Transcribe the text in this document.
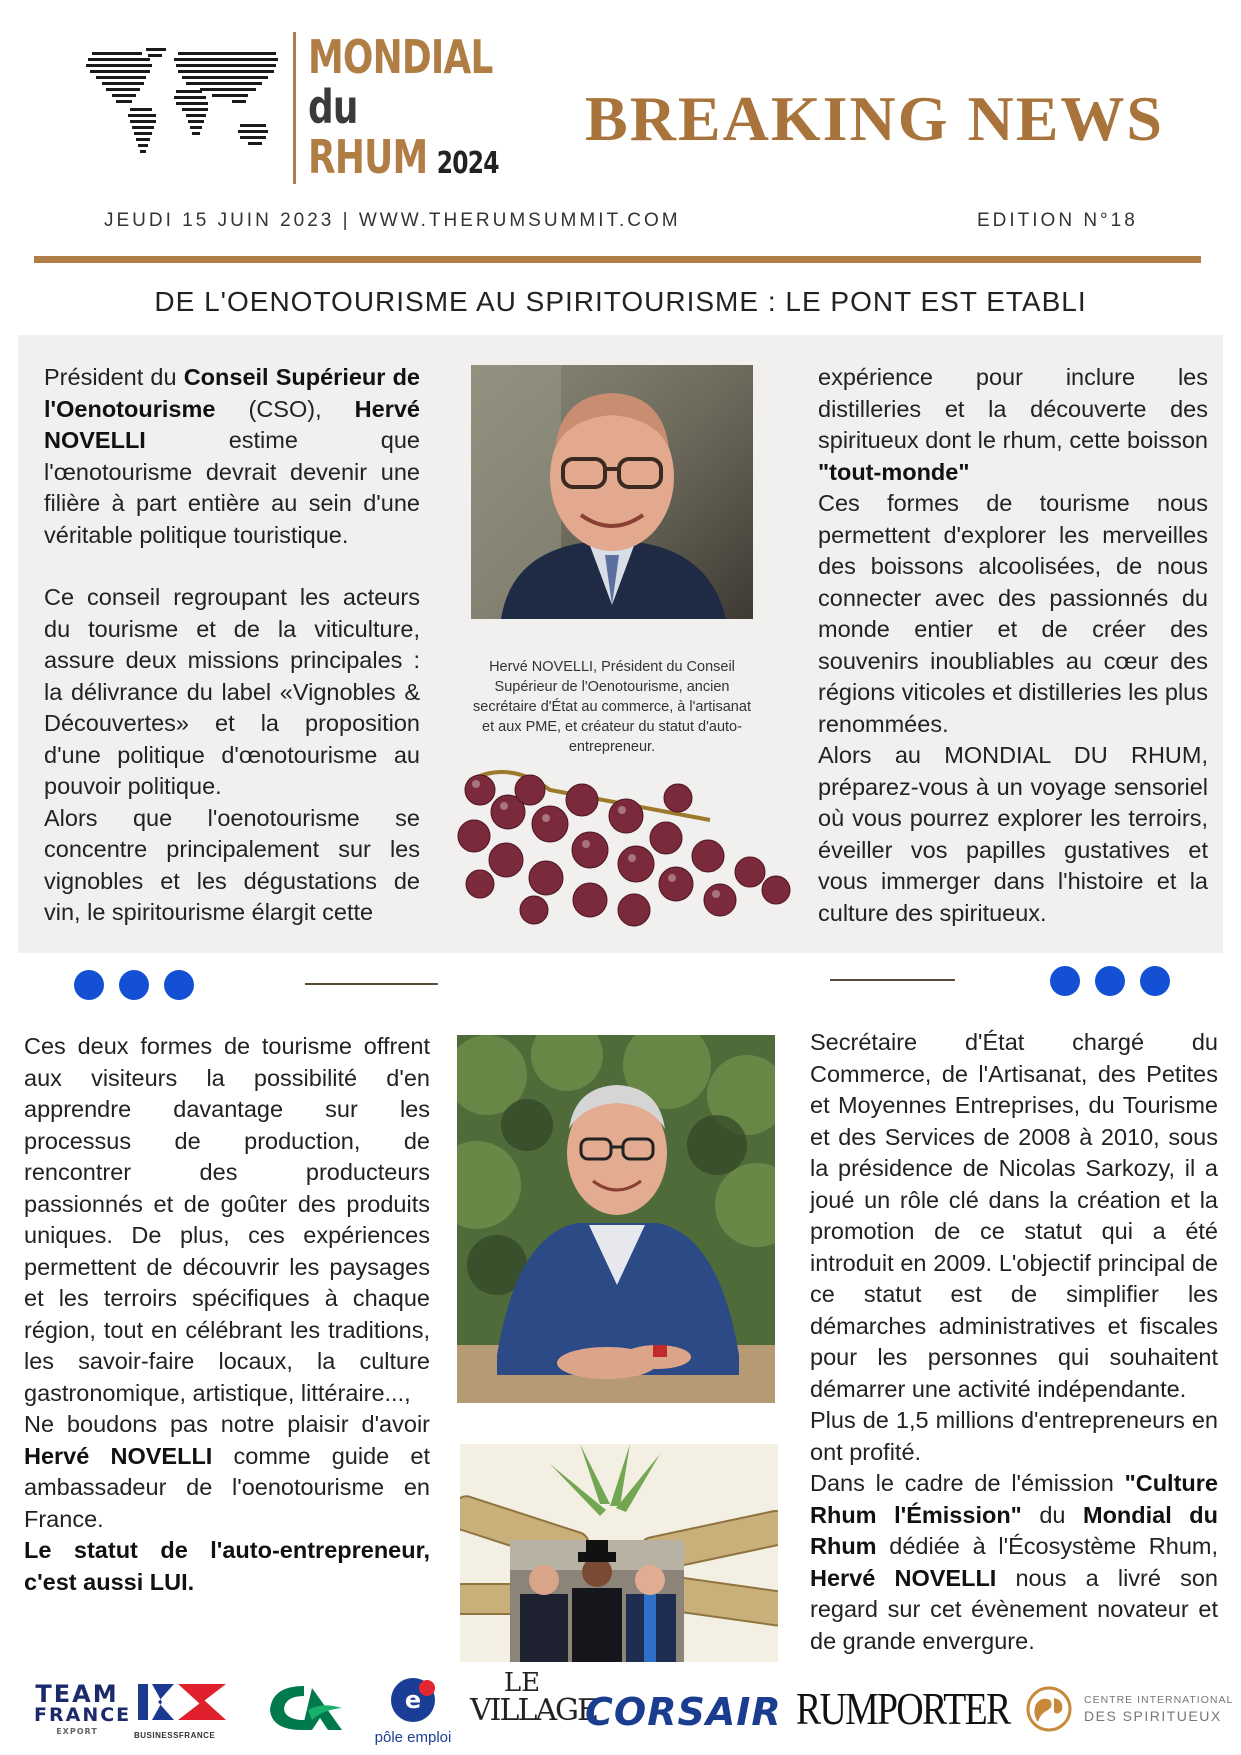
MONDIAL
du
RHUM 2024
BREAKING NEWS
JEUDI 15 JUIN 2023 | WWW.THERUMSUMMIT.COM	EDITION N°18
DE L'OENOTOURISME AU SPIRITOURISME : LE PONT EST ETABLI

Président du Conseil Supérieur de l'Oenotourisme (CSO), Hervé NOVELLI estime que l'œnotourisme devrait devenir une filière à part entière au sein d'une véritable politique touristique.

Ce conseil regroupant les acteurs du tourisme et de la viticulture, assure deux missions principales : la délivrance du label «Vignobles & Découvertes» et la proposition d'une politique d'œnotourisme au pouvoir politique.

Alors que l'oenotourisme se concentre principalement sur les vignobles et les dégustations de vin, le spiritourisme élargit cette

Hervé NOVELLI, Président du Conseil Supérieur de l'Oenotourisme, ancien secrétaire d'État au commerce, à l'artisanat et aux PME, et créateur du statut d'auto-entrepreneur.

expérience pour inclure les distilleries et la découverte des spiritueux dont le rhum, cette boisson "tout-monde"

Ces formes de tourisme nous permettent d'explorer les merveilles des boissons alcoolisées, de nous connecter avec des passionnés du monde entier et de créer des souvenirs inoubliables au cœur des régions viticoles et distilleries les plus renommées.

Alors au MONDIAL DU RHUM, préparez-vous à un voyage sensoriel où vous pourrez explorer les terroirs, éveiller vos papilles gustatives et vous immerger dans l'histoire et la culture des spiritueux.

Ces deux formes de tourisme offrent aux visiteurs la possibilité d'en apprendre davantage sur les processus de production, de rencontrer des producteurs passionnés et de goûter des produits uniques. De plus, ces expériences permettent de découvrir les paysages et les terroirs spécifiques à chaque région, tout en célébrant les traditions, les savoir-faire locaux, la culture gastronomique, artistique, littéraire...,

Ne boudons pas notre plaisir d'avoir Hervé NOVELLI comme guide et ambassadeur de l'oenotourisme en France.

Le statut de l'auto-entrepreneur, c'est aussi LUI.

Secrétaire d'État chargé du Commerce, de l'Artisanat, des Petites et Moyennes Entreprises, du Tourisme et des Services de 2008 à 2010, sous la présidence de Nicolas Sarkozy, il a joué un rôle clé dans la création et la promotion de ce statut qui a été introduit en 2009. L'objectif principal de ce statut est de simplifier les démarches administratives et fiscales pour les personnes qui souhaitent démarrer une activité indépendante.

Plus de 1,5 millions d'entrepreneurs en ont profité.

Dans le cadre de l'émission "Culture Rhum l'Émission" du Mondial du Rhum dédiée à l'Écosystème Rhum, Hervé NOVELLI nous a livré son regard sur cet évènement novateur et de grande envergure.

TEAM
FRANCE
EXPORT	BUSINESSFRANCE
e
pôle emploi
LE
VILLAGE
CORSAIR RUMPORTER	CENTRE INTERNATIONAL
DES SPIRITUEUX
